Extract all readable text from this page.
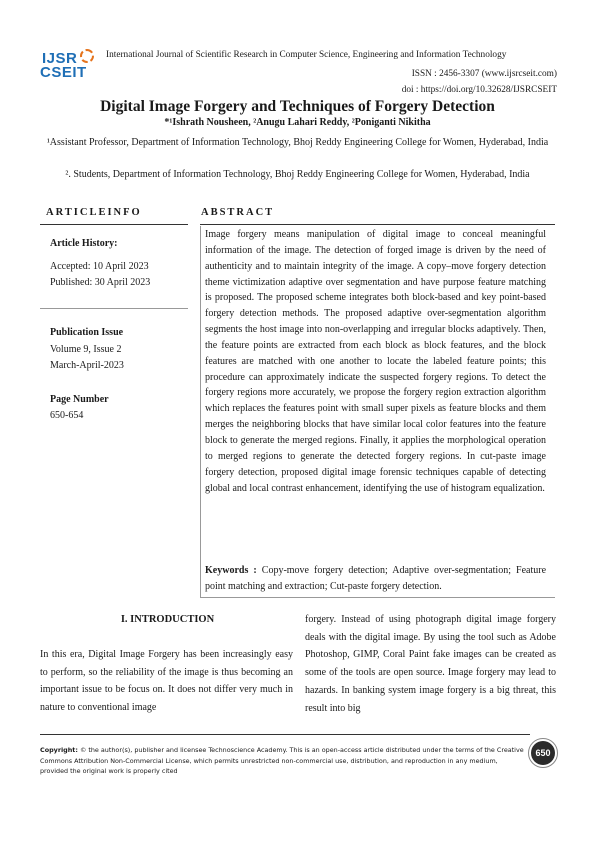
IJSR
CSEIT
International Journal of Scientific Research in Computer Science, Engineering and Information Technology
ISSN : 2456-3307 (www.ijsrcseit.com)
doi : https://doi.org/10.32628/IJSRCSEIT
Digital Image Forgery and Techniques of Forgery Detection
*¹Ishrath Nousheen, ²Anugu Lahari Reddy, ²Poniganti Nikitha
¹Assistant Professor, Department of Information Technology, Bhoj Reddy Engineering College for Women, Hyderabad, India
². Students, Department of Information Technology, Bhoj Reddy Engineering College for Women, Hyderabad, India
ARTICLEINFO	ABSTRACT
Article History:
Accepted: 10 April 2023
Published: 30 April 2023
Publication Issue
Volume 9, Issue 2
March-April-2023
Page Number
650-654
Image forgery means manipulation of digital image to conceal meaningful information of the image. The detection of forged image is driven by the need of authenticity and to maintain integrity of the image. A copy–move forgery detection theme victimization adaptive over segmentation and have purpose feature matching is proposed. The proposed scheme integrates both block-based and key point-based forgery detection methods. The proposed adaptive over-segmentation algorithm segments the host image into non-overlapping and irregular blocks adaptively. Then, the feature points are extracted from each block as block features, and the block features are matched with one another to locate the labeled feature points; this procedure can approximately indicate the suspected forgery regions. To detect the forgery regions more accurately, we propose the forgery region extraction algorithm which replaces the features point with small super pixels as feature blocks and them merges the neighboring blocks that have similar local color features into the feature block to generate the merged regions. Finally, it applies the morphological operation to merged regions to generate the detected forgery regions. In cut-paste image forgery detection, proposed digital image forensic techniques capable of detecting global and local contrast enhancement, identifying the use of histogram equalization.
Keywords : Copy-move forgery detection; Adaptive over-segmentation; Feature point matching and extraction; Cut-paste forgery detection.
I. INTRODUCTION
In this era, Digital Image Forgery has been increasingly easy to perform, so the reliability of the image is thus becoming an important issue to be focus on. It does not differ very much in nature to conventional image
forgery. Instead of using photograph digital image forgery deals with the digital image. By using the tool such as Adobe Photoshop, GIMP, Coral Paint fake images can be created as some of the tools are open source. Image forgery may lead to hazards. In banking system image forgery is a big threat, this result into big
Copyright: © the author(s), publisher and licensee Technoscience Academy. This is an open-access article distributed under the terms of the Creative Commons Attribution Non-Commercial License, which permits unrestricted non-commercial use, distribution, and reproduction in any medium, provided the original work is properly cited
650
